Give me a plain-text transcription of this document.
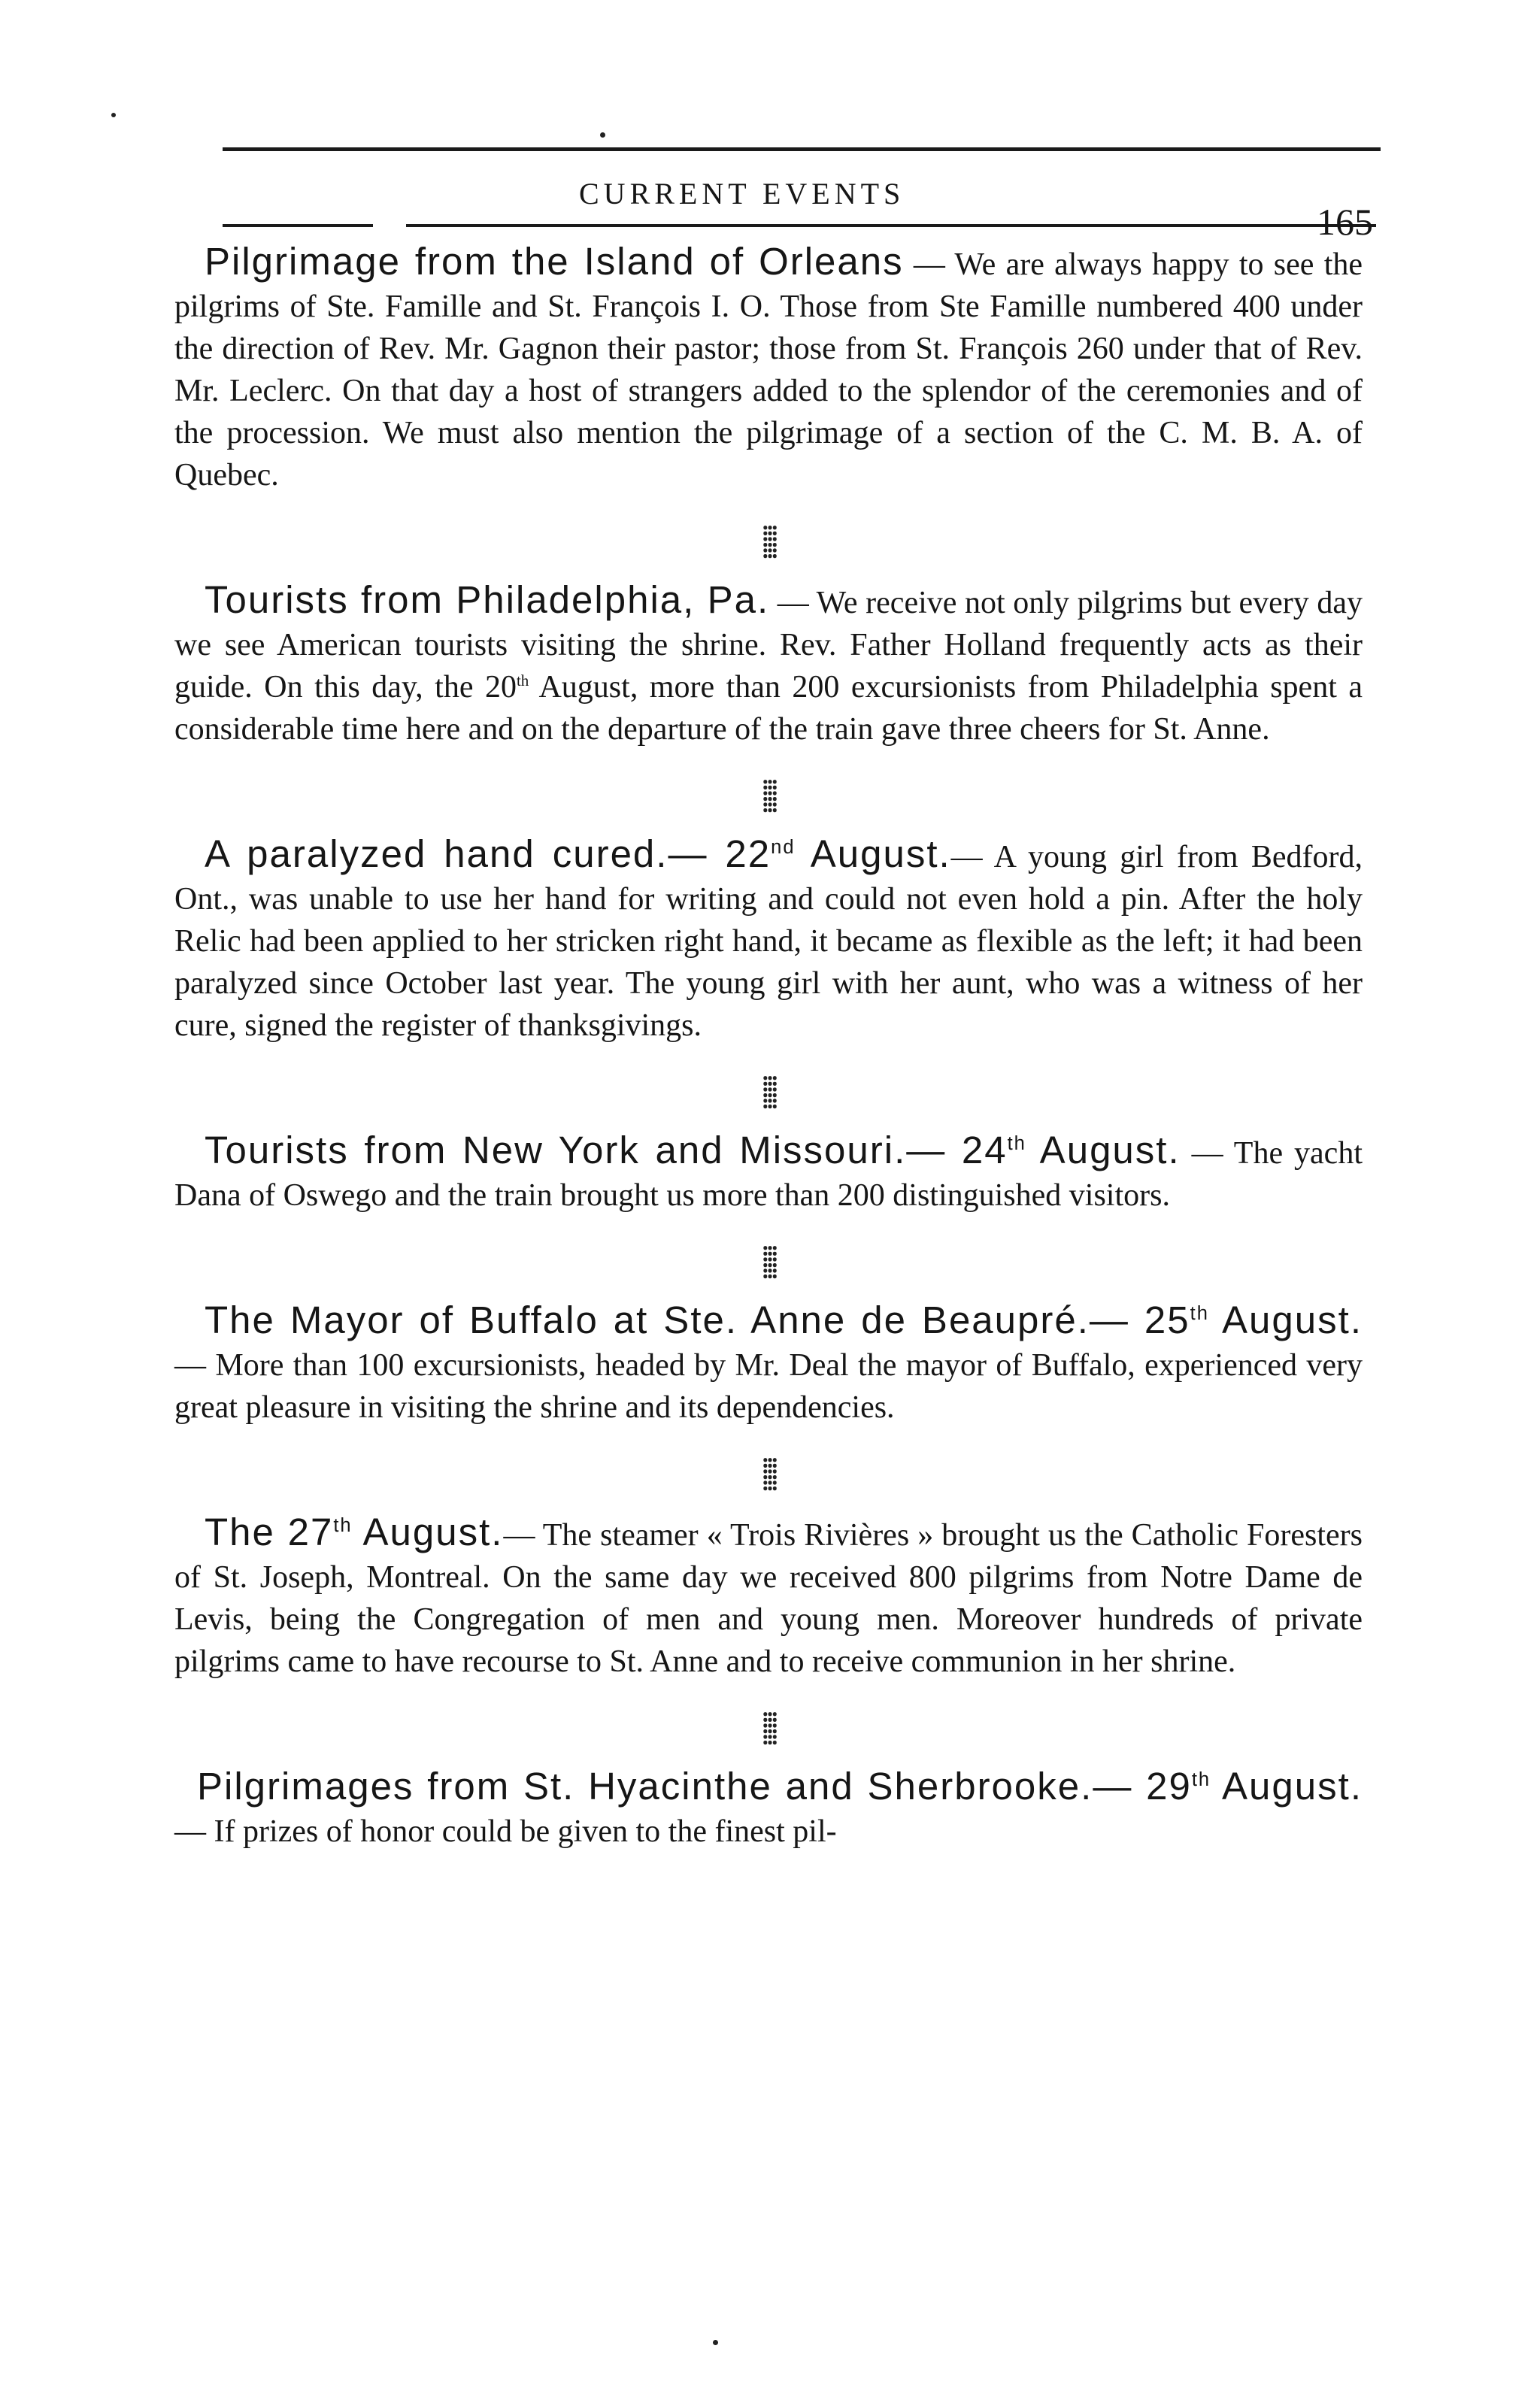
CURRENT EVENTS
165

Pilgrimage from the Island of Orleans — We are always happy to see the pilgrims of Ste. Famille and St. François I. O. Those from Ste Famille numbered 400 under the direction of Rev. Mr. Gagnon their pastor; those from St. François 260 under that of Rev. Mr. Leclerc. On that day a host of strangers added to the splendor of the ceremonies and of the procession. We must also mention the pilgrimage of a section of the C. M. B. A. of Quebec.

⸽⸽⸽

Tourists from Philadelphia, Pa. — We receive not only pilgrims but every day we see American tourists visiting the shrine. Rev. Father Holland frequently acts as their guide. On this day, the 20th August, more than 200 excursionists from Philadelphia spent a considerable time here and on the departure of the train gave three cheers for St. Anne.

⸽⸽⸽

A paralyzed hand cured.— 22nd August.— A young girl from Bedford, Ont., was unable to use her hand for writing and could not even hold a pin. After the holy Relic had been applied to her stricken right hand, it became as flexible as the left; it had been paralyzed since October last year. The young girl with her aunt, who was a witness of her cure, signed the register of thanksgivings.

⸽⸽⸽

Tourists from New York and Missouri.— 24th August. — The yacht Dana of Oswego and the train brought us more than 200 distinguished visitors.

⸽⸽⸽

The Mayor of Buffalo at Ste. Anne de Beaupré.— 25th August.— More than 100 excursionists, headed by Mr. Deal the mayor of Buffalo, experienced very great pleasure in visiting the shrine and its dependencies.

⸽⸽⸽

The 27th August.— The steamer « Trois Rivières » brought us the Catholic Foresters of St. Joseph, Montreal. On the same day we received 800 pilgrims from Notre Dame de Levis, being the Congregation of men and young men. Moreover hundreds of private pilgrims came to have recourse to St. Anne and to receive communion in her shrine.

⸽⸽⸽

Pilgrimages from St. Hyacinthe and Sherbrooke.— 29th August.— If prizes of honor could be given to the finest pil-
